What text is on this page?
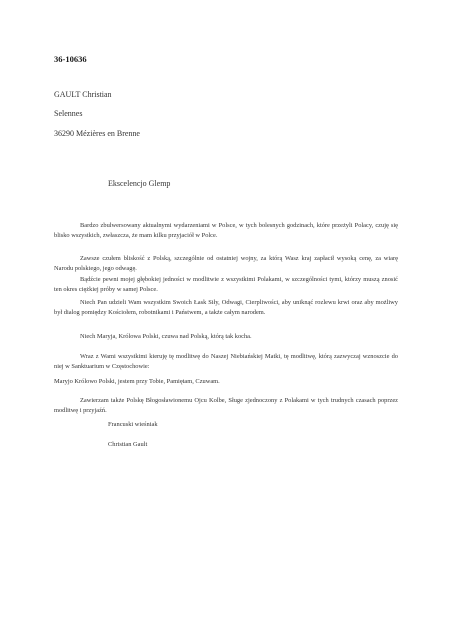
36-10636
GAULT Christian
Selennes
36290 Mézières en Brenne
Ekscelencjo Glemp
Bardzo zbulwersowany aktualnymi wydarzeniami w Polsce, w tych bolesnych godzinach, które przeżyli Polacy, czuję się blisko wszystkich, zwłaszcza, że mam kilku przyjaciół w Polce.
Zawsze czułem bliskość z Polską, szczególnie od ostatniej wojny, za którą Wasz kraj zapłacił wysoką cenę, za wiarę Narodu polskiego, jego odwagę.
Bądźcie pewni mojej głębokiej jedności w modlitwie z wszystkimi Polakami, w szczególności tymi, którzy muszą znosić ten okres ciężkiej próby w samej Polsce.
Niech Pan udzieli Wam wszystkim Swoich Łask Siły, Odwagi, Cierpliwości, aby uniknąć rozlewu krwi oraz aby możliwy był dialog pomiędzy Kościołem, robotnikami i Państwem, a także całym narodem.
Niech Maryja, Królowa Polski, czuwa nad Polską, którą tak kocha.
Wraz z Wami wszystkimi kieruję tę modlitwę do Naszej Niebiańskiej Matki, tę modlitwę, którą zazwyczaj wznoszcie do niej w Sanktuarium w Częstochowie:
Maryjo Królowo Polski, jestem przy Tobie, Pamiętam, Czuwam.
Zawierzam także Polskę Błogosławionemu Ojcu Kolbe, Sługe zjednoczony z Polakami w tych trudnych czasach poprzez modlitwę i przyjaźń.
Francuski wieśniak
Christian Gault
